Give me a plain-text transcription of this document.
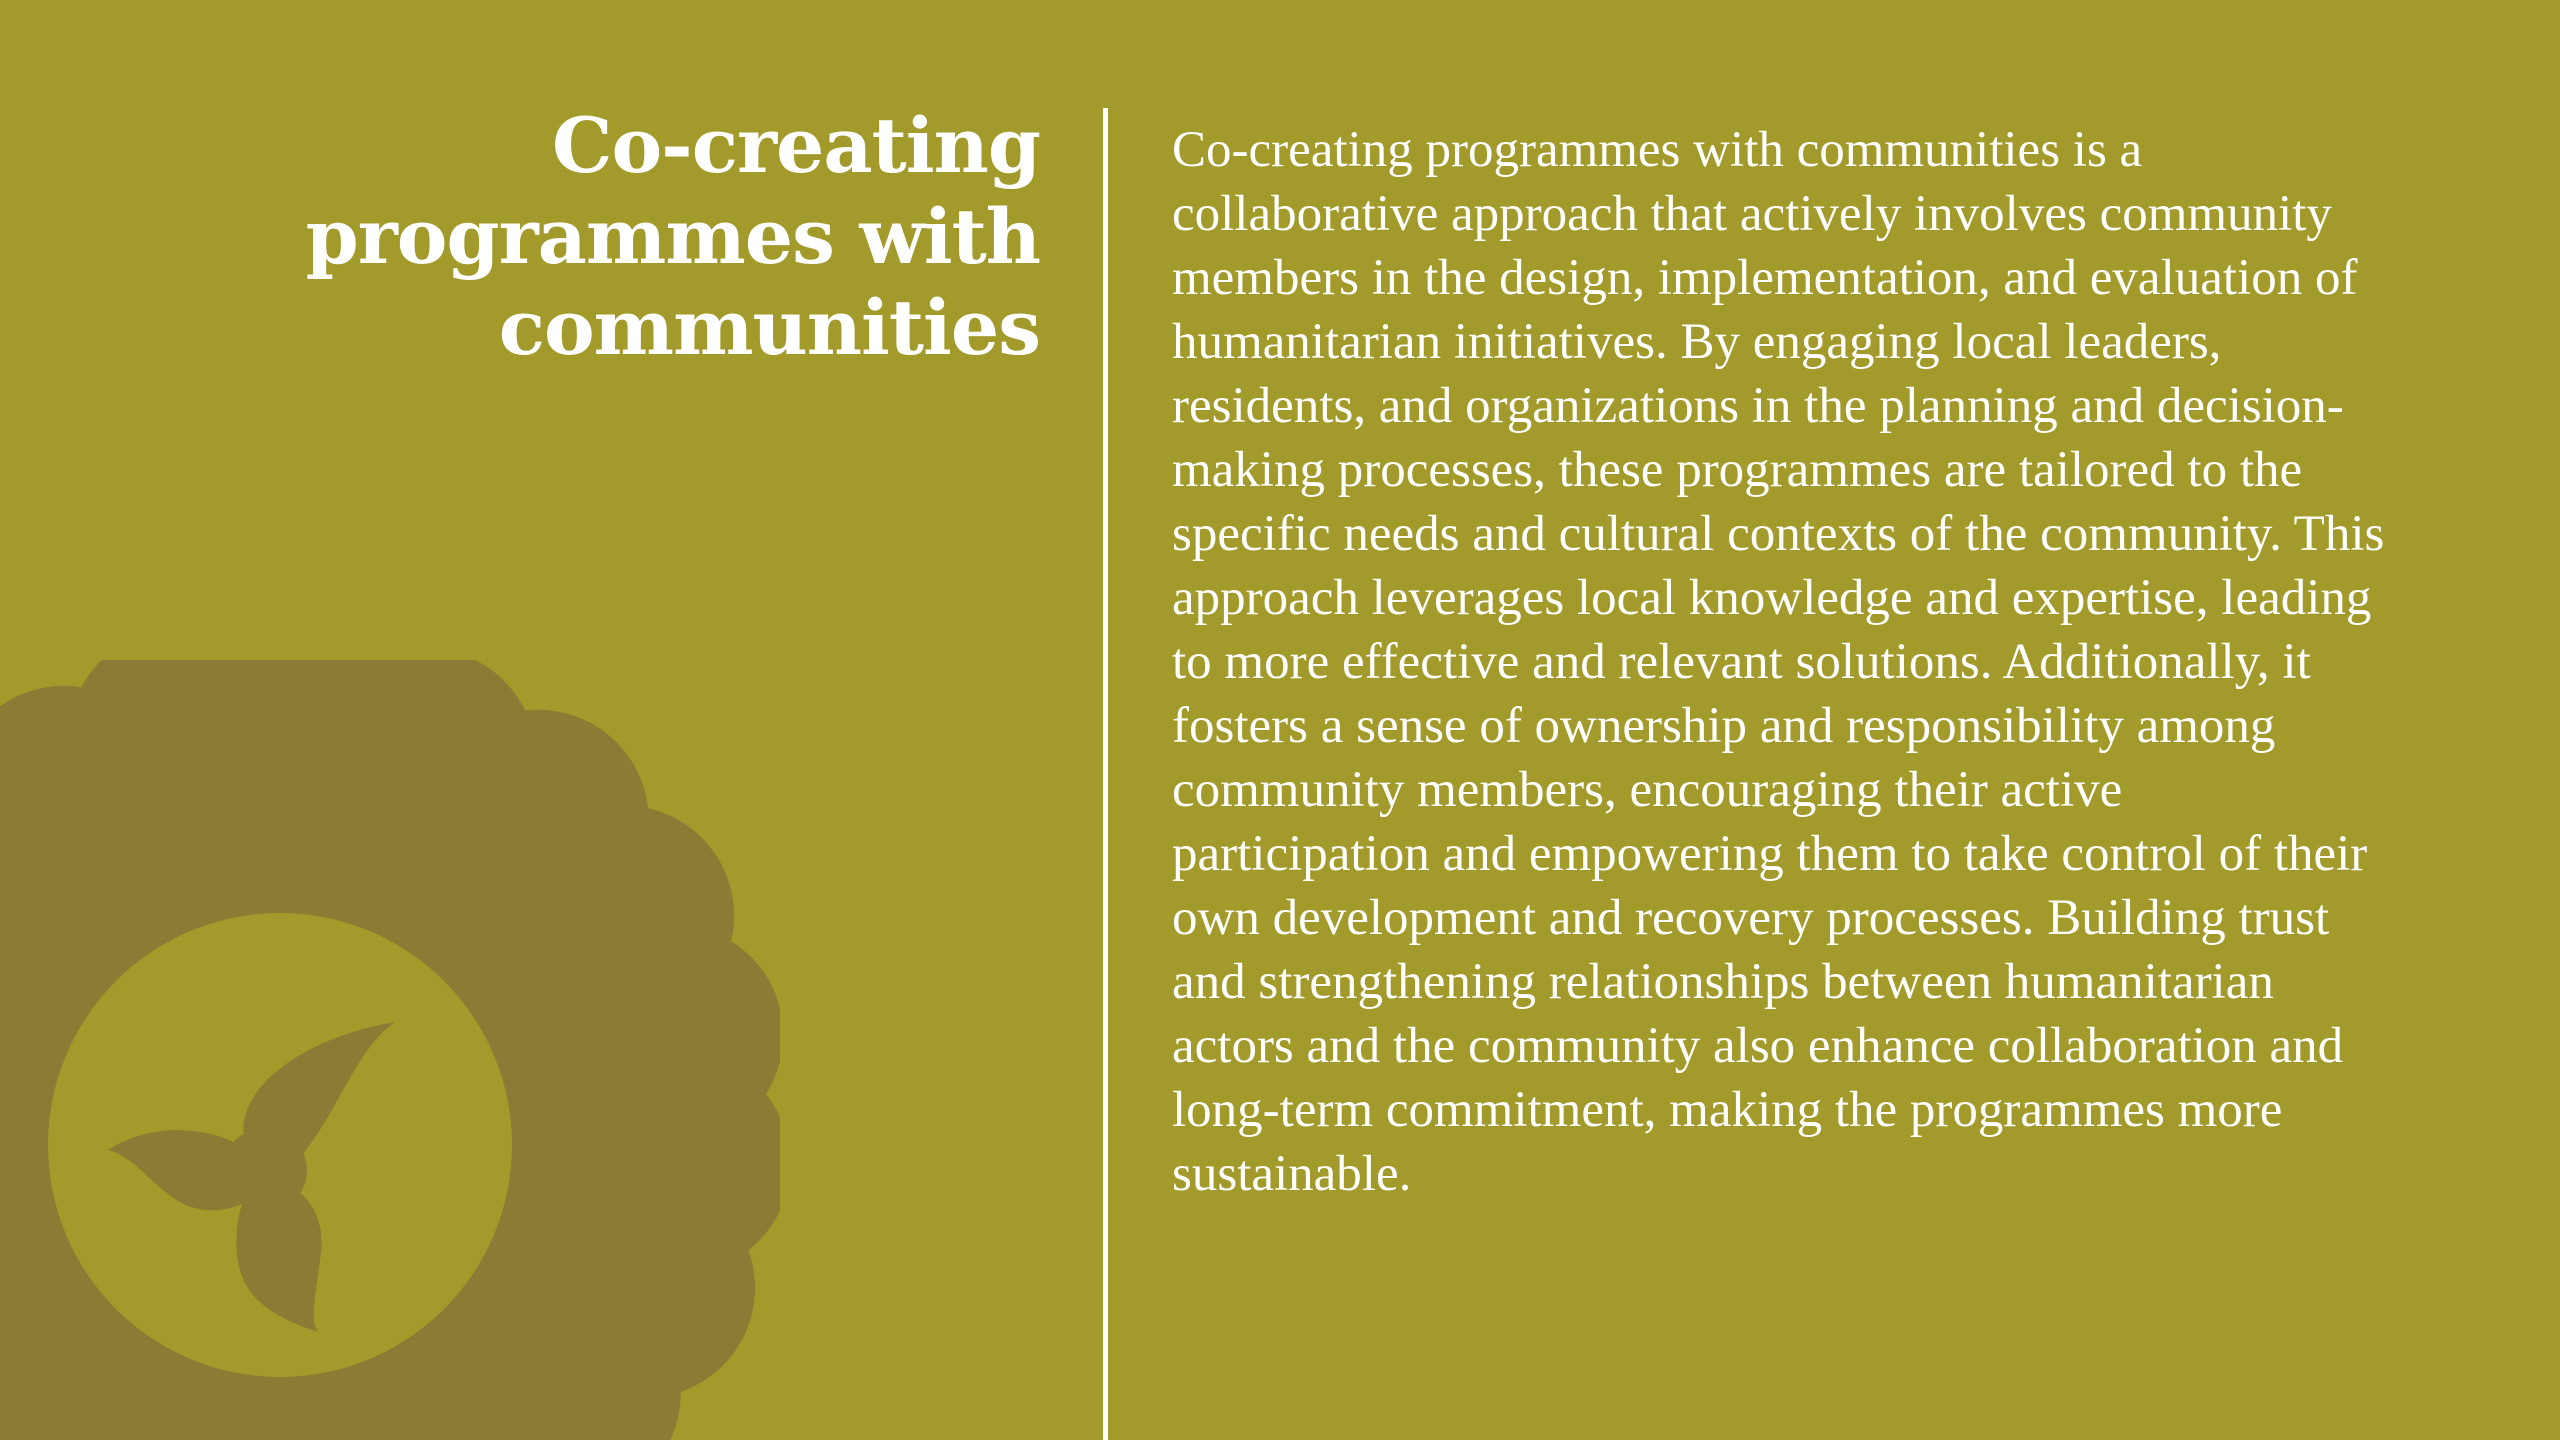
Co-creating programmes with communities

Co-creating programmes with communities is a collaborative approach that actively involves community members in the design, implementation, and evaluation of humanitarian initiatives. By engaging local leaders, residents, and organizations in the planning and decision-making processes, these programmes are tailored to the specific needs and cultural contexts of the community. This approach leverages local knowledge and expertise, leading to more effective and relevant solutions. Additionally, it fosters a sense of ownership and responsibility among community members, encouraging their active participation and empowering them to take control of their own development and recovery processes. Building trust and strengthening relationships between humanitarian actors and the community also enhance collaboration and long-term commitment, making the programmes more sustainable.
